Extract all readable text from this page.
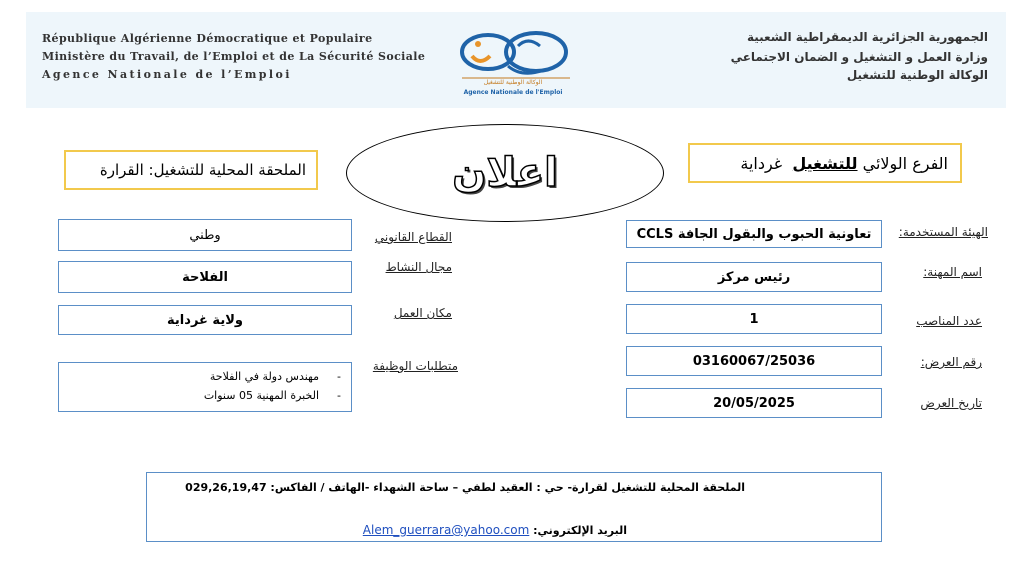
République Algérienne Démocratique et Populaire
Ministère du Travail, de l’Emploi et de La Sécurité Sociale
Agence Nationale de l’Emploi
الجمهورية الجزائرية الديمقراطية الشعبية
وزارة العمل و التشغيل و الضمان الاجتماعي
الوكالة الوطنية للتشغيل
الوكالة الوطنية للتشغيل
Agence Nationale de l'Emploi
الفرع الولائي

للتشغيل

غرداية
اعلان
الملحقة المحلية للتشغيل: القرارة
الهيئة المستخدمة:
تعاونية الحبوب والبقول الجافة CCLS
اسم المهنة:
رئيس مركز
عدد المناصب
1
رقم العرض:
03160067/25036
تاريخ العرض
20/05/2025
القطاع القانوني
وطني
مجال النشاط
الفلاحة
مكان العمل
ولاية غرداية
متطلبات الوظيفة
-مهندس دولة في الفلاحة
-الخبرة المهنية 05 سنوات
الملحقة المحلية للتشغيل لقرارة- حي : العقيد لطفي – ساحة الشهداء -الهاتف / الفاكس: 029,26,19,47
البريد الإلكتروني: Alem_guerrara@yahoo.com
